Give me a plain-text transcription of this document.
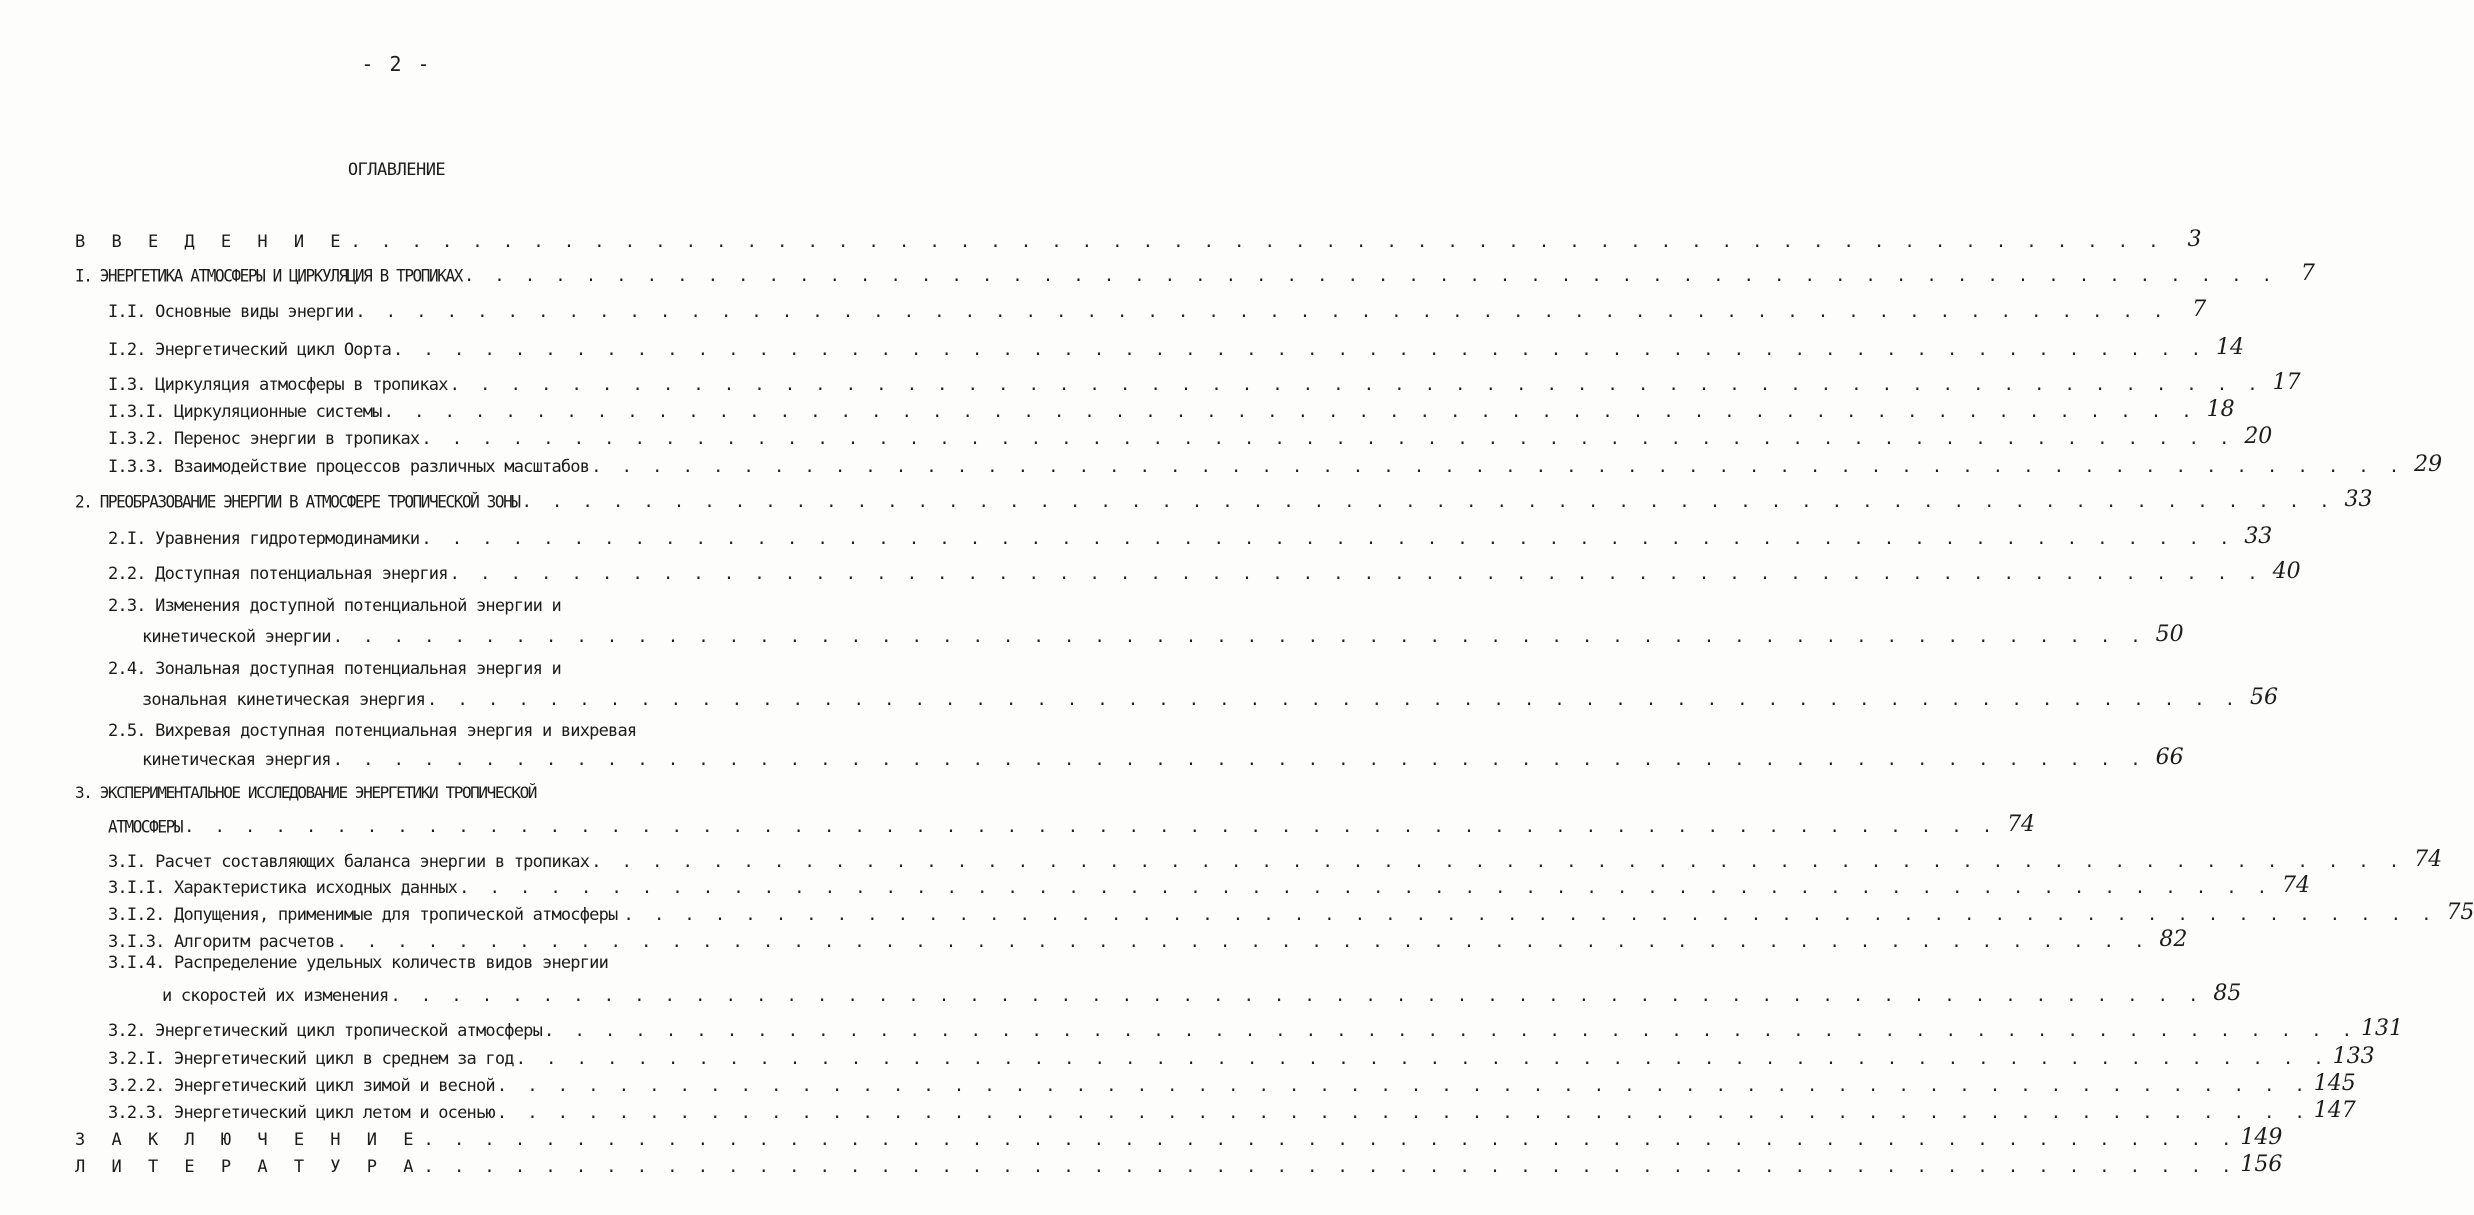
- 2 -
ОГЛАВЛЕНИЕ
В В Е Д Е Н И Е . . . . . . . . . . . . . . . . . . . . . . . . . . . . . . . . . . . . . . . . . . . . . . . . . . . . . . . . . . . .	3
I. ЭНЕРГЕТИКА АТМОСФЕРЫ И ЦИРКУЛЯЦИЯ В ТРОПИКАХ . . . . . . . . . . . . . . . . . . . . . . . . . . . . . . . . . . . . . . . . . . . . . . . . . . . . . . . . . . . .	7
I.I. Основные виды энергии . . . . . . . . . . . . . . . . . . . . . . . . . . . . . . . . . . . . . . . . . . . . . . . . . . . . . . . . . . . .	7
I.2. Энергетический цикл Оорта . . . . . . . . . . . . . . . . . . . . . . . . . . . . . . . . . . . . . . . . . . . . . . . . . . . . . . . . . . . . 14
I.3. Циркуляция атмосферы в тропиках . . . . . . . . . . . . . . . . . . . . . . . . . . . . . . . . . . . . . . . . . . . . . . . . . . . . . . . . . . . . 17
I.3.I. Циркуляционные системы . . . . . . . . . . . . . . . . . . . . . . . . . . . . . . . . . . . . . . . . . . . . . . . . . . . . . . . . . . . . 18
I.3.2. Перенос энергии в тропиках . . . . . . . . . . . . . . . . . . . . . . . . . . . . . . . . . . . . . . . . . . . . . . . . . . . . . . . . . . . . 20
I.3.3. Взаимодействие процессов различных масштабов . . . . . . . . . . . . . . . . . . . . . . . . . . . . . . . . . . . . . . . . . . . . . . . . . . . . . . . . . . . . 29
2. ПРЕОБРАЗОВАНИЕ ЭНЕРГИИ В АТМОСФЕРЕ ТРОПИЧЕСКОЙ ЗОНЫ . . . . . . . . . . . . . . . . . . . . . . . . . . . . . . . . . . . . . . . . . . . . . . . . . . . . . . . . . . . . 33
2.I. Уравнения гидротермодинамики . . . . . . . . . . . . . . . . . . . . . . . . . . . . . . . . . . . . . . . . . . . . . . . . . . . . . . . . . . . . 33
2.2. Доступная потенциальная энергия . . . . . . . . . . . . . . . . . . . . . . . . . . . . . . . . . . . . . . . . . . . . . . . . . . . . . . . . . . . . 40
2.3. Изменения доступной потенциальной энергии и
кинетической энергии . . . . . . . . . . . . . . . . . . . . . . . . . . . . . . . . . . . . . . . . . . . . . . . . . . . . . . . . . . . . 50
2.4. Зональная доступная потенциальная энергия и
зональная кинетическая энергия . . . . . . . . . . . . . . . . . . . . . . . . . . . . . . . . . . . . . . . . . . . . . . . . . . . . . . . . . . . . 56
2.5. Вихревая доступная потенциальная энергия и вихревая
кинетическая энергия . . . . . . . . . . . . . . . . . . . . . . . . . . . . . . . . . . . . . . . . . . . . . . . . . . . . . . . . . . . . 66
3. ЭКСПЕРИМЕНТАЛЬНОЕ ИССЛЕДОВАНИЕ ЭНЕРГЕТИКИ ТРОПИЧЕСКОЙ
АТМОСФЕРЫ . . . . . . . . . . . . . . . . . . . . . . . . . . . . . . . . . . . . . . . . . . . . . . . . . . . . . . . . . . . . 74
3.I. Расчет составляющих баланса энергии в тропиках . . . . . . . . . . . . . . . . . . . . . . . . . . . . . . . . . . . . . . . . . . . . . . . . . . . . . . . . . . . . 74
3.I.I. Характеристика исходных данных . . . . . . . . . . . . . . . . . . . . . . . . . . . . . . . . . . . . . . . . . . . . . . . . . . . . . . . . . . . . 74
3.I.2. Допущения, применимые для тропической атмосферы . . . . . . . . . . . . . . . . . . . . . . . . . . . . . . . . . . . . . . . . . . . . . . . . . . . . . . . . . . . . 75
3.I.3. Алгоритм расчетов . . . . . . . . . . . . . . . . . . . . . . . . . . . . . . . . . . . . . . . . . . . . . . . . . . . . . . . . . . . . 82
3.I.4. Распределение удельных количеств видов энергии
и скоростей их изменения . . . . . . . . . . . . . . . . . . . . . . . . . . . . . . . . . . . . . . . . . . . . . . . . . . . . . . . . . . . . 85
3.2. Энергетический цикл тропической атмосферы . . . . . . . . . . . . . . . . . . . . . . . . . . . . . . . . . . . . . . . . . . . . . . . . . . . . . . . . . . . . 131
3.2.I. Энергетический цикл в среднем за год . . . . . . . . . . . . . . . . . . . . . . . . . . . . . . . . . . . . . . . . . . . . . . . . . . . . . . . . . . . . 133
3.2.2. Энергетический цикл зимой и весной . . . . . . . . . . . . . . . . . . . . . . . . . . . . . . . . . . . . . . . . . . . . . . . . . . . . . . . . . . . . 145
3.2.3. Энергетический цикл летом и осенью . . . . . . . . . . . . . . . . . . . . . . . . . . . . . . . . . . . . . . . . . . . . . . . . . . . . . . . . . . . . 147
З А К Л Ю Ч Е Н И Е . . . . . . . . . . . . . . . . . . . . . . . . . . . . . . . . . . . . . . . . . . . . . . . . . . . . . . . . . . . . 149
Л И Т Е Р А Т У Р А . . . . . . . . . . . . . . . . . . . . . . . . . . . . . . . . . . . . . . . . . . . . . . . . . . . . . . . . . . . . 156
